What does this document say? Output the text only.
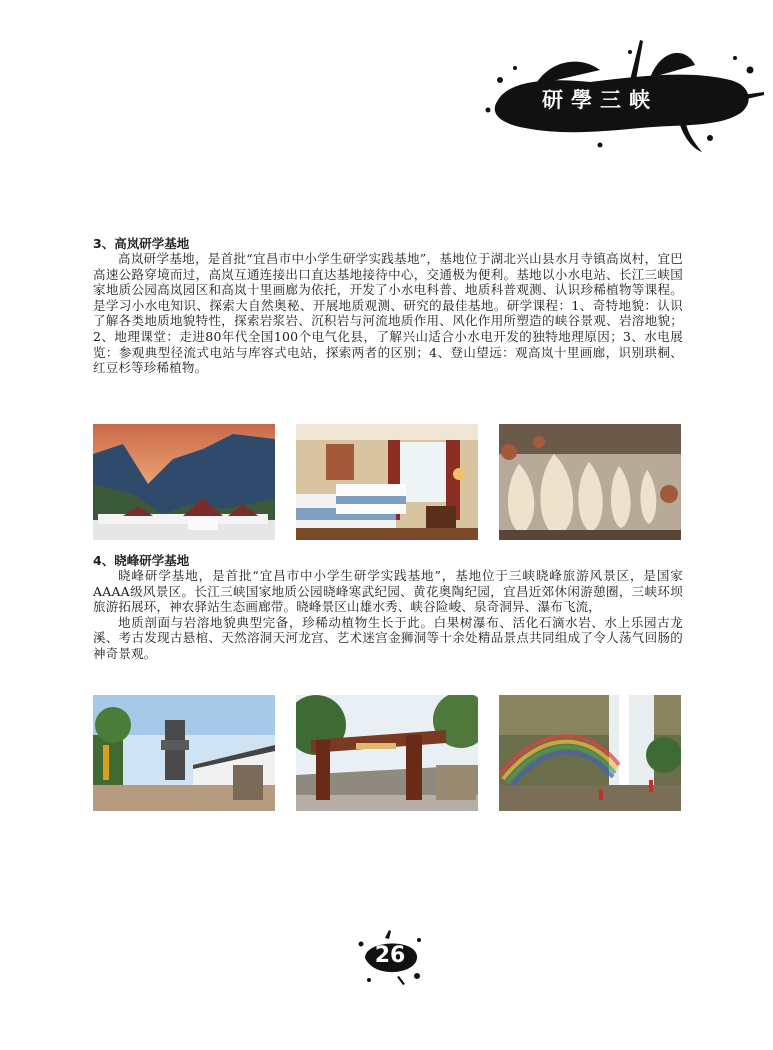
研學三峡
3、高岚研学基地

高岚研学基地，是首批“宜昌市中小学生研学实践基地”，基地位于湖北兴山县水月寺镇高岚村，宜巴高速公路穿境而过，高岚互通连接出口直达基地接待中心，交通极为便利。基地以小水电站、长江三峡国家地质公园高岚园区和高岚十里画廊为依托，开发了小水电科普、地质科普观测、认识珍稀植物等课程。是学习小水电知识、探索大自然奥秘、开展地质观测、研究的最佳基地。研学课程：1、奇特地貌：认识了解各类地质地貌特性，探索岩浆岩、沉积岩与河流地质作用、风化作用所塑造的峡谷景观、岩溶地貌；2、地理课堂：走进80年代全国100个电气化县，了解兴山适合小水电开发的独特地理原因；3、水电展览：参观典型径流式电站与库容式电站，探索两者的区别；4、登山望远：观高岚十里画廊，识别珙桐、红豆杉等珍稀植物。

4、晓峰研学基地

晓峰研学基地，是首批“宜昌市中小学生研学实践基地”，基地位于三峡晓峰旅游风景区，是国家AAAA级风景区。长江三峡国家地质公园晓峰寒武纪园、黄花奥陶纪园，宜昌近郊休闲游憩圈，三峡环坝旅游拓展环，神农驿站生态画廊带。晓峰景区山雄水秀、峡谷险峻、泉奇洞异、瀑布飞流，

地质剖面与岩溶地貌典型完备，珍稀动植物生长于此。白果树瀑布、活化石滴水岩、水上乐园古龙溪、考古发现古悬棺、天然溶洞天河龙宫、艺术迷宫金狮洞等十余处精品景点共同组成了令人荡气回肠的神奇景观。

26
